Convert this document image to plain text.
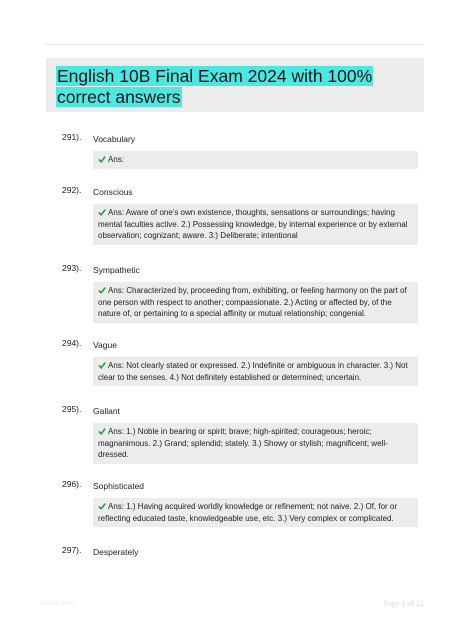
English 10B Final Exam 2024 with 100% correct answers
291). Vocabulary
Ans:
292). Conscious
Ans: Aware of one's own existence, thoughts, sensations or surroundings; having mental faculties active. 2.) Possessing knowledge, by internal experience or by external observation; cognizant; aware. 3.) Deliberate; intentional
293). Sympathetic
Ans: Characterized by, proceeding from, exhibiting, or feeling harmony on the part of one person with respect to another; compassionate. 2.) Acting or affected by, of the nature of, or pertaining to a special affinity or mutual relationship; congenial.
294). Vague
Ans: Not clearly stated or expressed. 2.) Indefinite or ambiguous in character. 3.) Not clear to the senses. 4.) Not definitely established or determined; uncertain.
295). Gallant
Ans: 1.) Noble in bearing or spirit; brave; high-spirited; courageous; heroic; magnanimous. 2.) Grand; splendid; stately. 3.) Showy or stylish; magnificent; well-dressed.
296). Sophisticated
Ans: 1.) Having acquired worldly knowledge or refinement; not naive. 2.) Of, for or reflecting educated taste, knowledgeable use, etc. 3.) Very complex or complicated.
297). Desperately
Stuvia.com	Page 1 of 22
